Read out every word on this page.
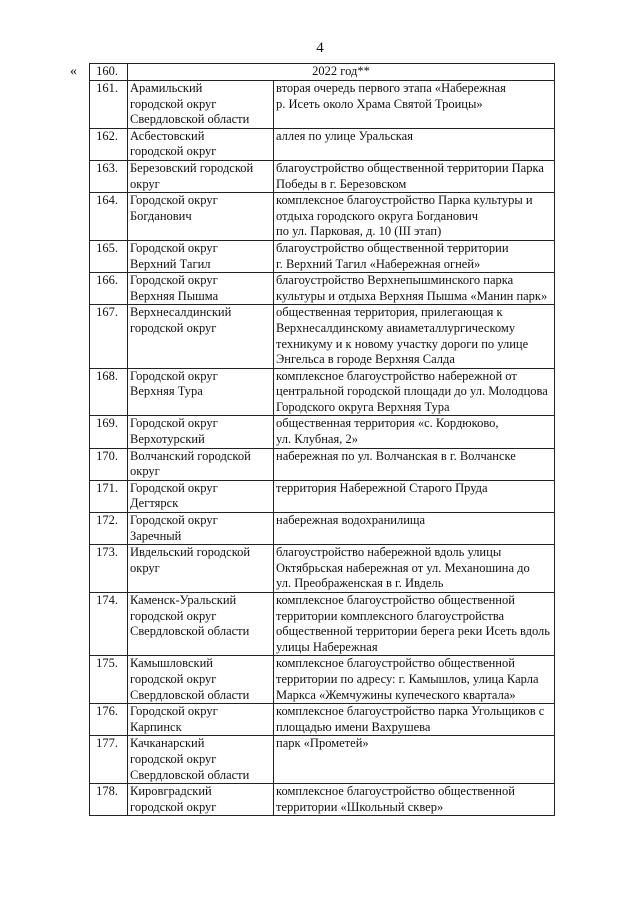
4
« 160.	2022 год**	
161.	Арамильский
городской округ
Свердловской области	вторая очередь первого этапа «Набережная
р. Исеть около Храма Святой Троицы»
162.	Асбестовский
городской округ	аллея по улице Уральская
163.	Березовский городской
округ	благоустройство общественной территории Парка
Победы в г. Березовском
164.	Городской округ
Богданович	комплексное благоустройство Парка культуры и
отдыха городского округа Богданович
по ул. Парковая, д. 10 (III этап)
165.	Городской округ
Верхний Тагил	благоустройство общественной территории
г. Верхний Тагил «Набережная огней»
166.	Городской округ
Верхняя Пышма	благоустройство Верхнепышминского парка
культуры и отдыха Верхняя Пышма «Манин парк»
167.	Верхнесалдинский
городской округ	общественная территория, прилегающая к
Верхнесалдинскому авиаметаллургическому
техникуму и к новому участку дороги по улице
Энгельса в городе Верхняя Салда
168.	Городской округ
Верхняя Тура	комплексное благоустройство набережной от
центральной городской площади до ул. Молодцова
Городского округа Верхняя Тура
169.	Городской округ
Верхотурский	общественная территория «с. Кордюково,
ул. Клубная, 2»
170.	Волчанский городской
округ	набережная по ул. Волчанская в г. Волчанске
171.	Городской округ
Дегтярск	территория Набережной Старого Пруда
172.	Городской округ
Заречный	набережная водохранилища
173.	Ивдельский городской
округ	благоустройство набережной вдоль улицы
Октябрьская набережная от ул. Механошина до
ул. Преображенская в г. Ивдель
174.	Каменск-Уральский
городской округ
Свердловской области	комплексное благоустройство общественной
территории комплексного благоустройства
общественной территории берега реки Исеть вдоль
улицы Набережная
175.	Камышловский
городской округ
Свердловской области	комплексное благоустройство общественной
территории по адресу: г. Камышлов, улица Карла
Маркса «Жемчужины купеческого квартала»
176.	Городской округ
Карпинск	комплексное благоустройство парка Угольщиков с
площадью имени Вахрушева
177.	Качканарский
городской округ
Свердловской области	парк «Прометей»
178.	Кировградский
городской округ	комплексное благоустройство общественной
территории «Школьный сквер»
